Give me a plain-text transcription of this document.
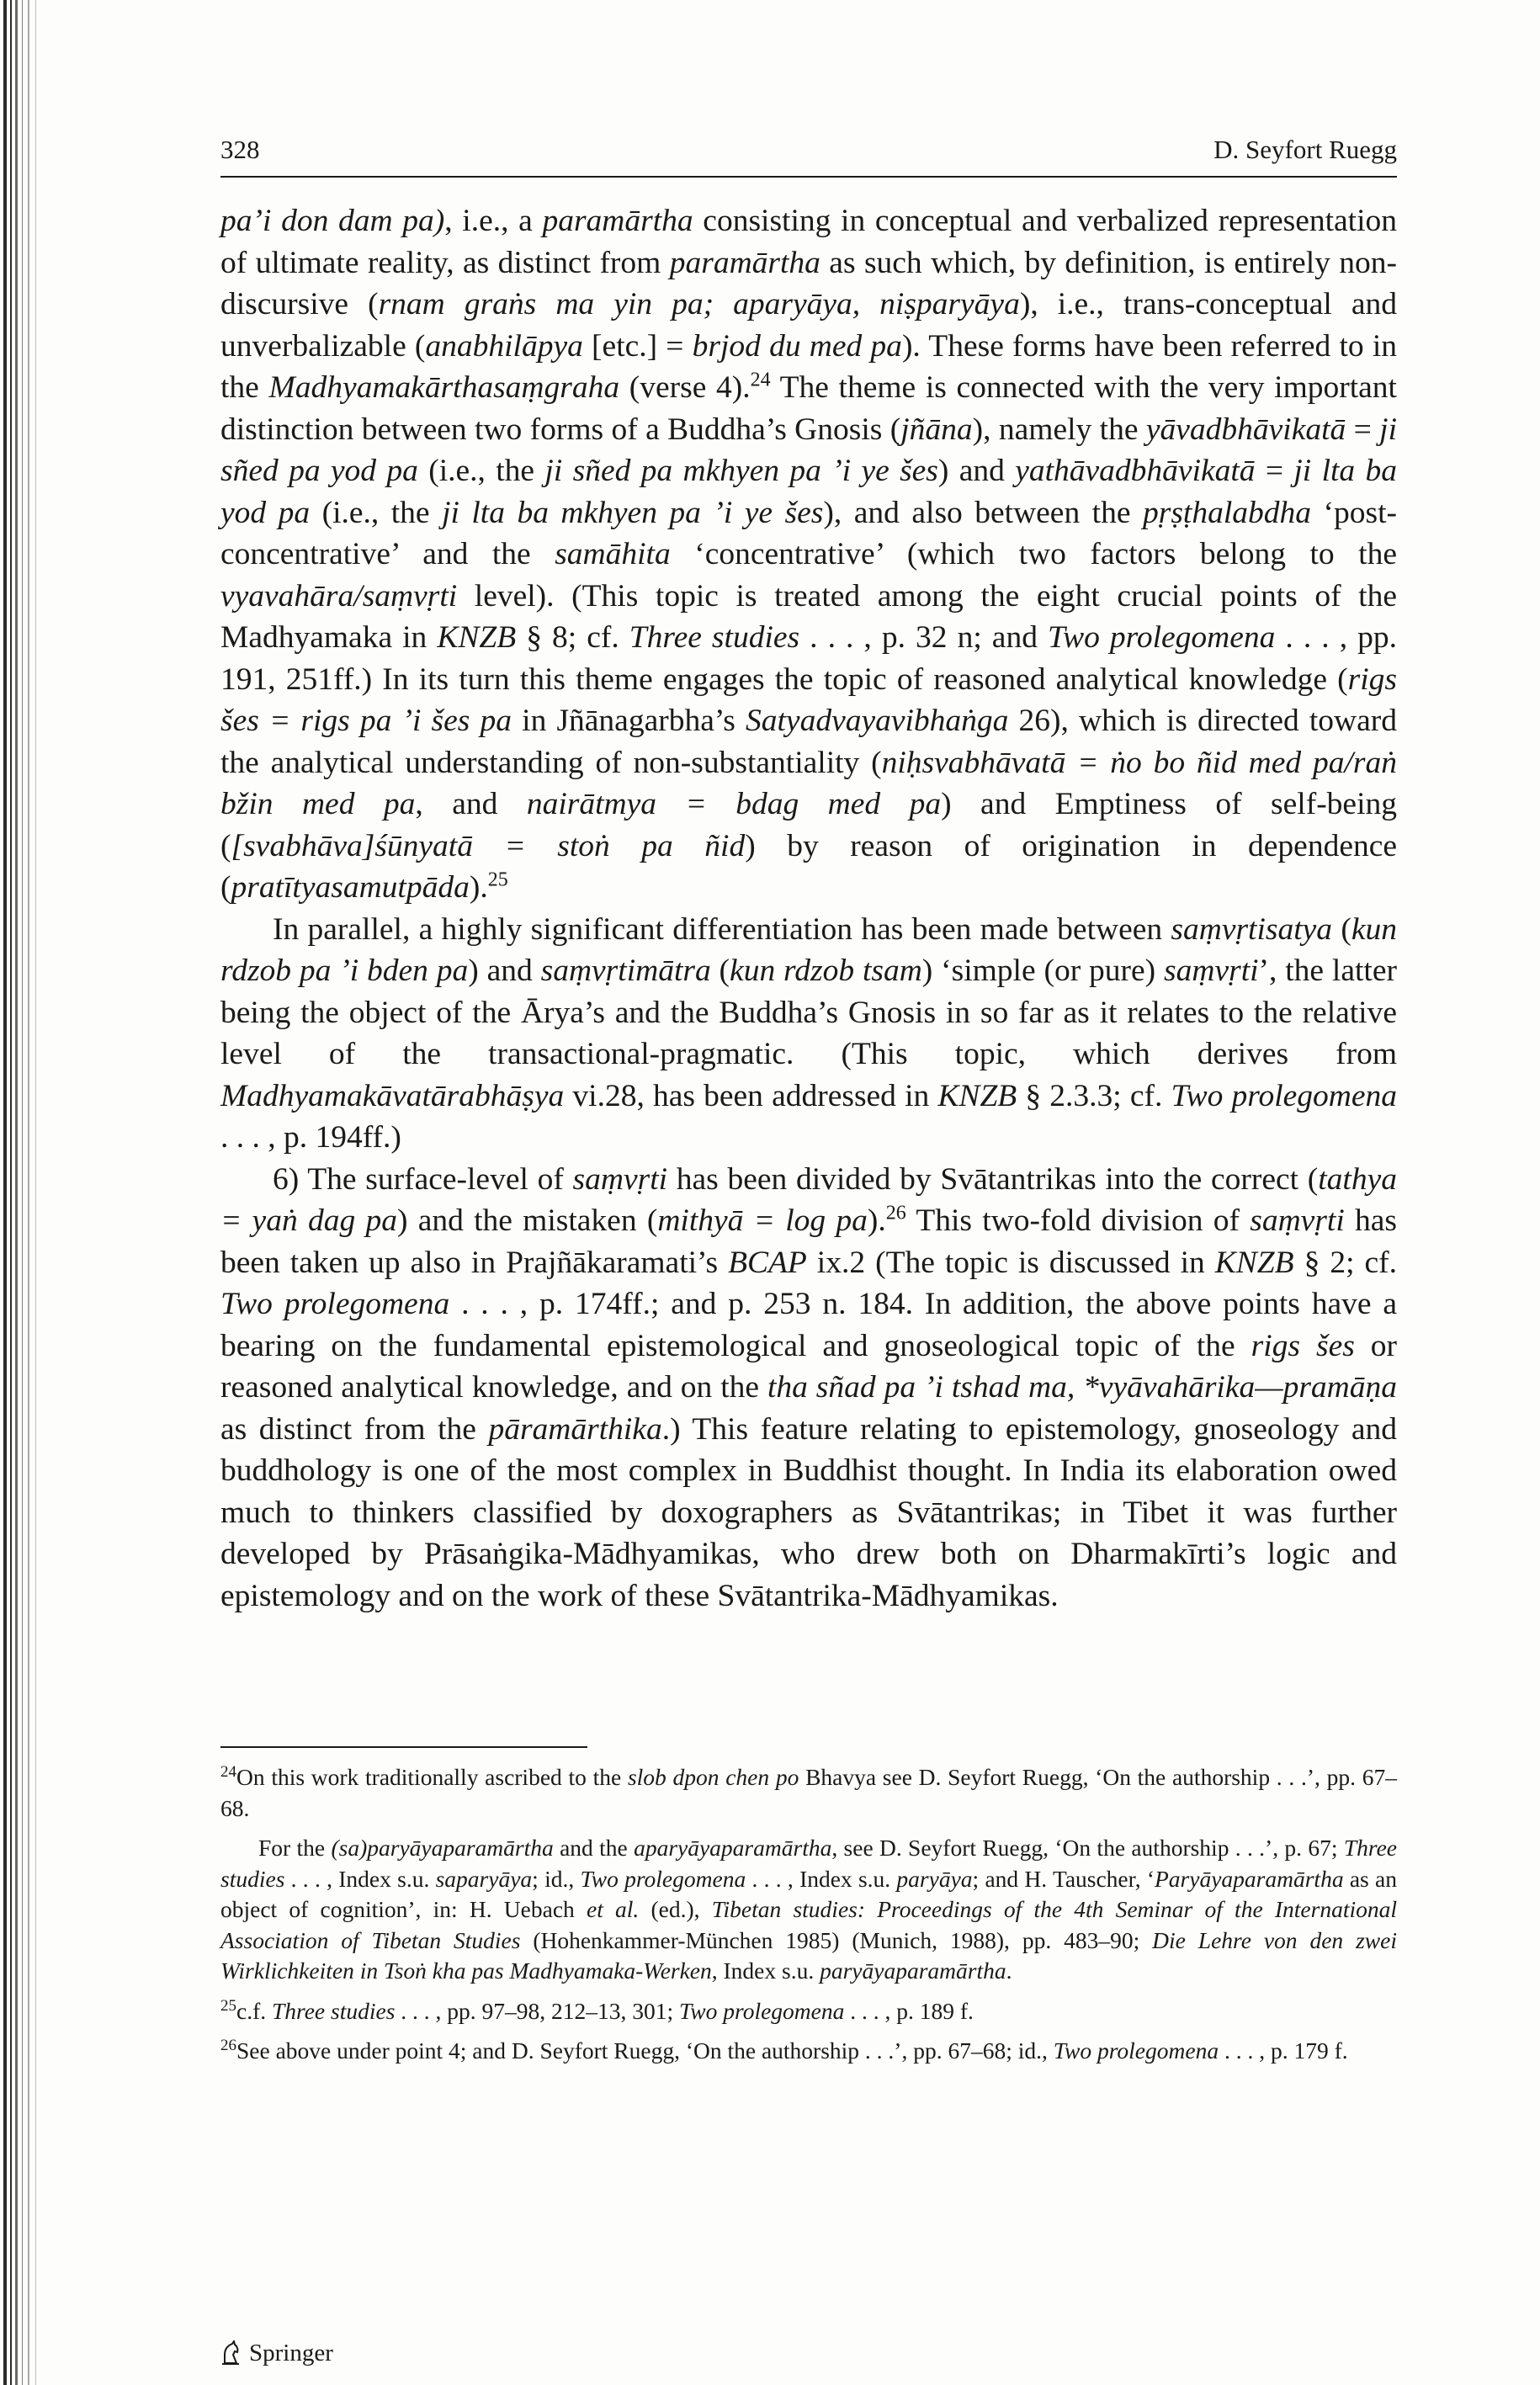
328	D. Seyfort Ruegg

pa’i don dam pa), i.e., a paramārtha consisting in conceptual and verbalized representation of ultimate reality, as distinct from paramārtha as such which, by definition, is entirely non-discursive (rnam graṅs ma yin pa; aparyāya, niṣparyāya), i.e., trans-conceptual and unverbalizable (anabhilāpya [etc.] = brjod du med pa). These forms have been referred to in the Madhyamakārthasaṃgraha (verse 4).$^{24}$ The theme is connected with the very important distinction between two forms of a Buddha’s Gnosis (jñāna), namely the yāvadbhāvikatā = ji sñed pa yod pa (i.e., the ji sñed pa mkhyen pa ’i ye šes) and yathāvadbhāvikatā = ji lta ba yod pa (i.e., the ji lta ba mkhyen pa ’i ye šes), and also between the pṛṣṭhalabdha ‘post-concentrative’ and the samāhita ‘concentrative’ (which two factors belong to the vyavahāra/saṃvṛti level). (This topic is treated among the eight crucial points of the Madhyamaka in KNZB § 8; cf. Three studies . . . , p. 32 n; and Two prolegomena . . . , pp. 191, 251ff.) In its turn this theme engages the topic of reasoned analytical knowledge (rigs šes = rigs pa ’i šes pa in Jñānagarbha’s Satyadvayavibhaṅga 26), which is directed toward the analytical understanding of non-substantiality (niḥsvabhāvatā = ṅo bo ñid med pa/raṅ bžin med pa, and nairātmya = bdag med pa) and Emptiness of self-being ([svabhāva]śūnyatā = stoṅ pa ñid) by reason of origination in dependence (pratītyasamutpāda).$^{25}$

In parallel, a highly significant differentiation has been made between saṃvṛtisatya (kun rdzob pa ’i bden pa) and saṃvṛtimātra (kun rdzob tsam) ‘simple (or pure) saṃvṛti’, the latter being the object of the Ārya’s and the Buddha’s Gnosis in so far as it relates to the relative level of the transactional-pragmatic. (This topic, which derives from Madhyamakāvatārabhāṣya vi.28, has been addressed in KNZB § 2.3.3; cf. Two prolegomena . . . , p. 194ff.)

6) The surface-level of saṃvṛti has been divided by Svātantrikas into the correct (tathya = yaṅ dag pa) and the mistaken (mithyā = log pa).$^{26}$ This two-fold division of saṃvṛti has been taken up also in Prajñākaramati’s BCAP ix.2 (The topic is discussed in KNZB § 2; cf. Two prolegomena . . . , p. 174ff.; and p. 253 n. 184. In addition, the above points have a bearing on the fundamental epistemological and gnoseological topic of the rigs šes or reasoned analytical knowledge, and on the tha sñad pa ’i tshad ma, *vyāvahārika—pramāṇa as distinct from the pāramārthika.) This feature relating to epistemology, gnoseology and buddhology is one of the most complex in Buddhist thought. In India its elaboration owed much to thinkers classified by doxographers as Svātantrikas; in Tibet it was further developed by Prāsaṅgika-Mādhyamikas, who drew both on Dharmakīrti’s logic and epistemology and on the work of these Svātantrika-Mādhyamikas.

$^{24}$On this work traditionally ascribed to the slob dpon chen po Bhavya see D. Seyfort Ruegg, ‘On the authorship . . .’, pp. 67–68.

For the (sa)paryāyaparamārtha and the aparyāyaparamārtha, see D. Seyfort Ruegg, ‘On the authorship . . .’, p. 67; Three studies . . . , Index s.u. saparyāya; id., Two prolegomena . . . , Index s.u. paryāya; and H. Tauscher, ‘Paryāyaparamārtha as an object of cognition’, in: H. Uebach et al. (ed.), Tibetan studies: Proceedings of the 4th Seminar of the International Association of Tibetan Studies (Hohenkammer-München 1985) (Munich, 1988), pp. 483–90; Die Lehre von den zwei Wirklichkeiten in Tsoṅ kha pas Madhyamaka-Werken, Index s.u. paryāyaparamārtha.

$^{25}$c.f. Three studies . . . , pp. 97–98, 212–13, 301; Two prolegomena . . . , p. 189 f.

$^{26}$See above under point 4; and D. Seyfort Ruegg, ‘On the authorship . . .’, pp. 67–68; id., Two prolegomena . . . , p. 179 f.

Springer
